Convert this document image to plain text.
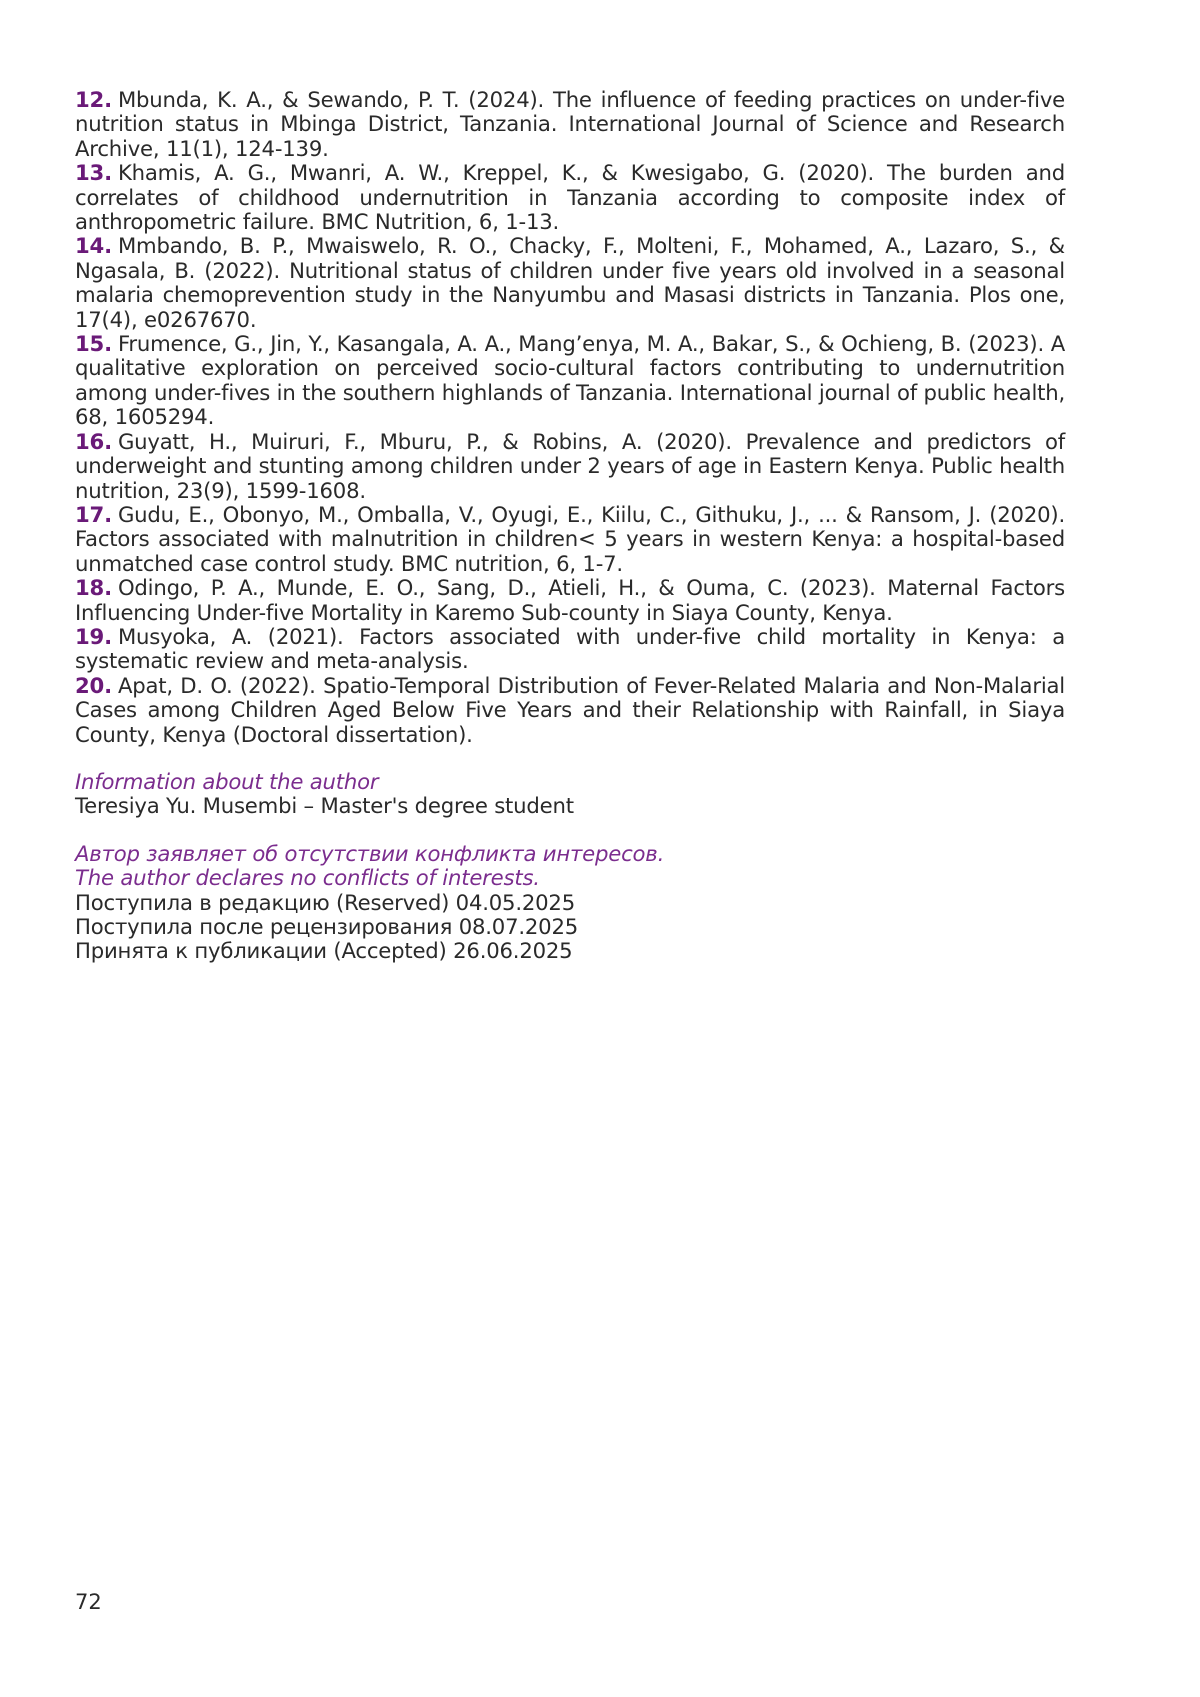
12. Mbunda, K. A., & Sewando, P. T. (2024). The influence of feeding practices on under-five nutrition status in Mbinga District, Tanzania. International Journal of Science and Research Archive, 11(1), 124-139.
13. Khamis, A. G., Mwanri, A. W., Kreppel, K., & Kwesigabo, G. (2020). The burden and correlates of childhood undernutrition in Tanzania according to composite index of anthropometric failure. BMC Nutrition, 6, 1-13.
14. Mmbando, B. P., Mwaiswelo, R. O., Chacky, F., Molteni, F., Mohamed, A., Lazaro, S., & Ngasala, B. (2022). Nutritional status of children under five years old involved in a seasonal malaria chemoprevention study in the Nanyumbu and Masasi districts in Tanzania. Plos one, 17(4), e0267670.
15. Frumence, G., Jin, Y., Kasangala, A. A., Mang’enya, M. A., Bakar, S., & Ochieng, B. (2023). A qualitative exploration on perceived socio-cultural factors contributing to undernutrition among under-fives in the southern highlands of Tanzania. International journal of public health, 68, 1605294.
16. Guyatt, H., Muiruri, F., Mburu, P., & Robins, A. (2020). Prevalence and predictors of underweight and stunting among children under 2 years of age in Eastern Kenya. Public health nutrition, 23(9), 1599-1608.
17. Gudu, E., Obonyo, M., Omballa, V., Oyugi, E., Kiilu, C., Githuku, J., ... & Ransom, J. (2020). Factors associated with malnutrition in children< 5 years in western Kenya: a hospital-based unmatched case control study. BMC nutrition, 6, 1-7.
18. Odingo, P. A., Munde, E. O., Sang, D., Atieli, H., & Ouma, C. (2023). Maternal Factors Influencing Under-five Mortality in Karemo Sub-county in Siaya County, Kenya.
19. Musyoka, A. (2021). Factors associated with under-five child mortality in Kenya: a systematic review and meta-analysis.
20. Apat, D. O. (2022). Spatio-Temporal Distribution of Fever-Related Malaria and Non-Malarial Cases among Children Aged Below Five Years and their Relationship with Rainfall, in Siaya County, Kenya (Doctoral dissertation).
Information about the author
Teresiya Yu. Musembi – Master's degree student
Автор заявляет об отсутствии конфликта интересов.
The author declares no conflicts of interests.
Поступила в редакцию (Reserved) 04.05.2025
Поступила после рецензирования 08.07.2025
Принята к публикации (Accepted) 26.06.2025
72
